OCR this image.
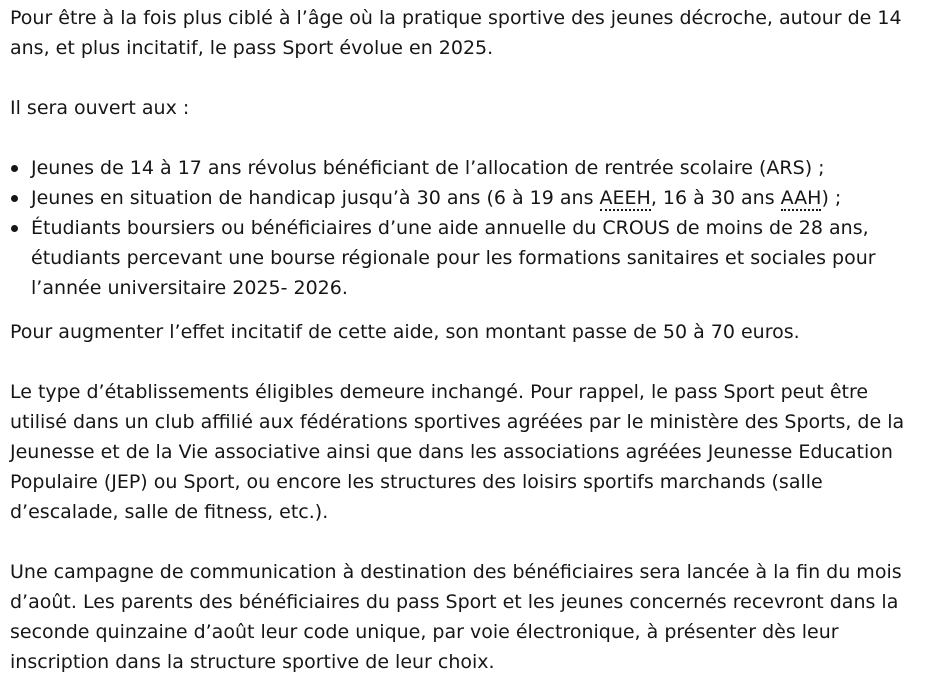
Pour être à la fois plus ciblé à l’âge où la pratique sportive des jeunes décroche, autour de 14 ans, et plus incitatif, le pass Sport évolue en 2025.

Il sera ouvert aux :

Jeunes de 14 à 17 ans révolus bénéficiant de l’allocation de rentrée scolaire (ARS) ;
Jeunes en situation de handicap jusqu’à 30 ans (6 à 19 ans AEEH, 16 à 30 ans AAH) ;
Étudiants boursiers ou bénéficiaires d’une aide annuelle du CROUS de moins de 28 ans, étudiants percevant une bourse régionale pour les formations sanitaires et sociales pour l’année universitaire 2025- 2026.

Pour augmenter l’effet incitatif de cette aide, son montant passe de 50 à 70 euros.

Le type d’établissements éligibles demeure inchangé. Pour rappel, le pass Sport peut être utilisé dans un club affilié aux fédérations sportives agréées par le ministère des Sports, de la Jeunesse et de la Vie associative ainsi que dans les associations agréées Jeunesse Education Populaire (JEP) ou Sport, ou encore les structures des loisirs sportifs marchands (salle d’escalade, salle de fitness, etc.).

Une campagne de communication à destination des bénéficiaires sera lancée à la fin du mois d’août. Les parents des bénéficiaires du pass Sport et les jeunes concernés recevront dans la seconde quinzaine d’août leur code unique, par voie électronique, à présenter dès leur inscription dans la structure sportive de leur choix.
